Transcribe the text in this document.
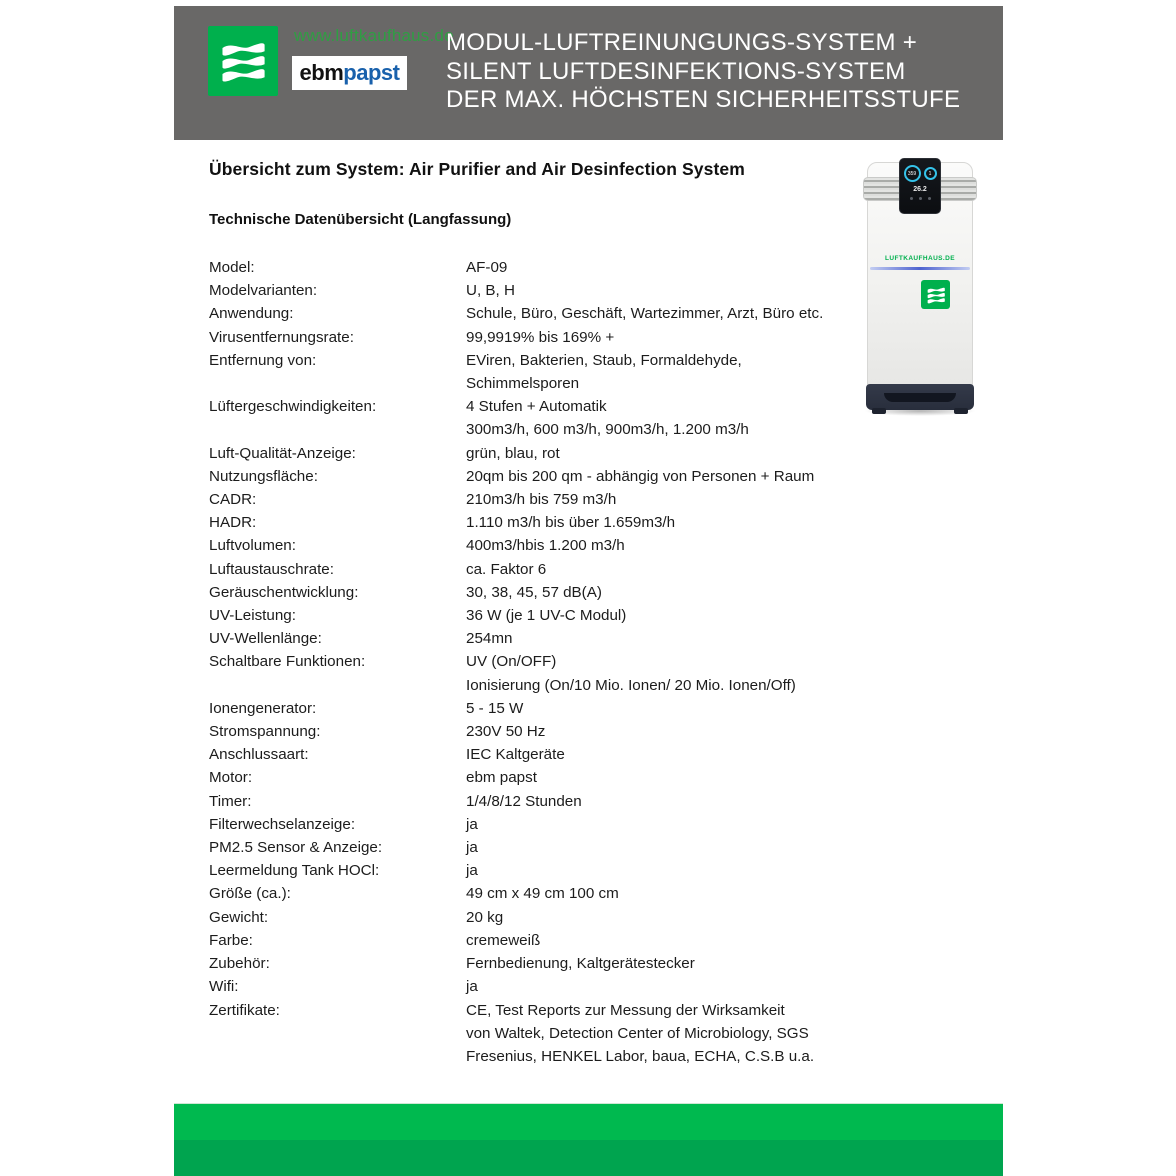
www.luftkaufhaus.de
ebm papst
MODUL-LUFTREINUNGUNGS-SYSTEM +
SILENT LUFTDESINFEKTIONS-SYSTEM
DER MAX. HÖCHSTEN SICHERHEITSSTUFE
Übersicht zum System: Air Purifier and Air Desinfection System
Technische Datenübersicht (Langfassung)
Model:	AF-09
Modelvarianten:	U, B, H
Anwendung:	Schule, Büro, Geschäft, Wartezimmer, Arzt, Büro etc.
Virusentfernungsrate:	99,9919% bis 169% +
Entfernung von:	EViren, Bakterien, Staub, Formaldehyde,
Schimmelsporen
Lüftergeschwindigkeiten:	4 Stufen + Automatik
300m3/h, 600 m3/h, 900m3/h, 1.200 m3/h
Luft-Qualität-Anzeige:	grün, blau, rot
Nutzungsfläche:	20qm bis 200 qm - abhängig von Personen + Raum
CADR:	210m3/h bis 759 m3/h
HADR:	1.110 m3/h bis über 1.659m3/h
Luftvolumen:	400m3/hbis 1.200 m3/h
Luftaustauschrate:	ca. Faktor 6
Geräuschentwicklung:	30, 38, 45, 57 dB(A)
UV-Leistung:	36 W (je 1 UV-C Modul)
UV-Wellenlänge:	254mn
Schaltbare Funktionen:	UV (On/OFF)
Ionisierung (On/10 Mio. Ionen/ 20 Mio. Ionen/Off)
Ionengenerator:	5 - 15 W
Stromspannung:	230V 50 Hz
Anschlussaart:	IEC Kaltgeräte
Motor:	ebm papst
Timer:	1/4/8/12 Stunden
Filterwechselanzeige:	ja
PM2.5 Sensor & Anzeige:	ja
Leermeldung Tank HOCl:	ja
Größe (ca.):	49 cm x 49 cm 100 cm
Gewicht:	20 kg
Farbe:	cremeweiß
Zubehör:	Fernbedienung, Kaltgerätestecker
Wifi:	ja
Zertifikate:	CE, Test Reports zur Messung der Wirksamkeit
von Waltek, Detection Center of Microbiology, SGS
Fresenius, HENKEL Labor, baua, ECHA, C.S.B u.a.
359	1
26.2
LUFTKAUFHAUS.DE
